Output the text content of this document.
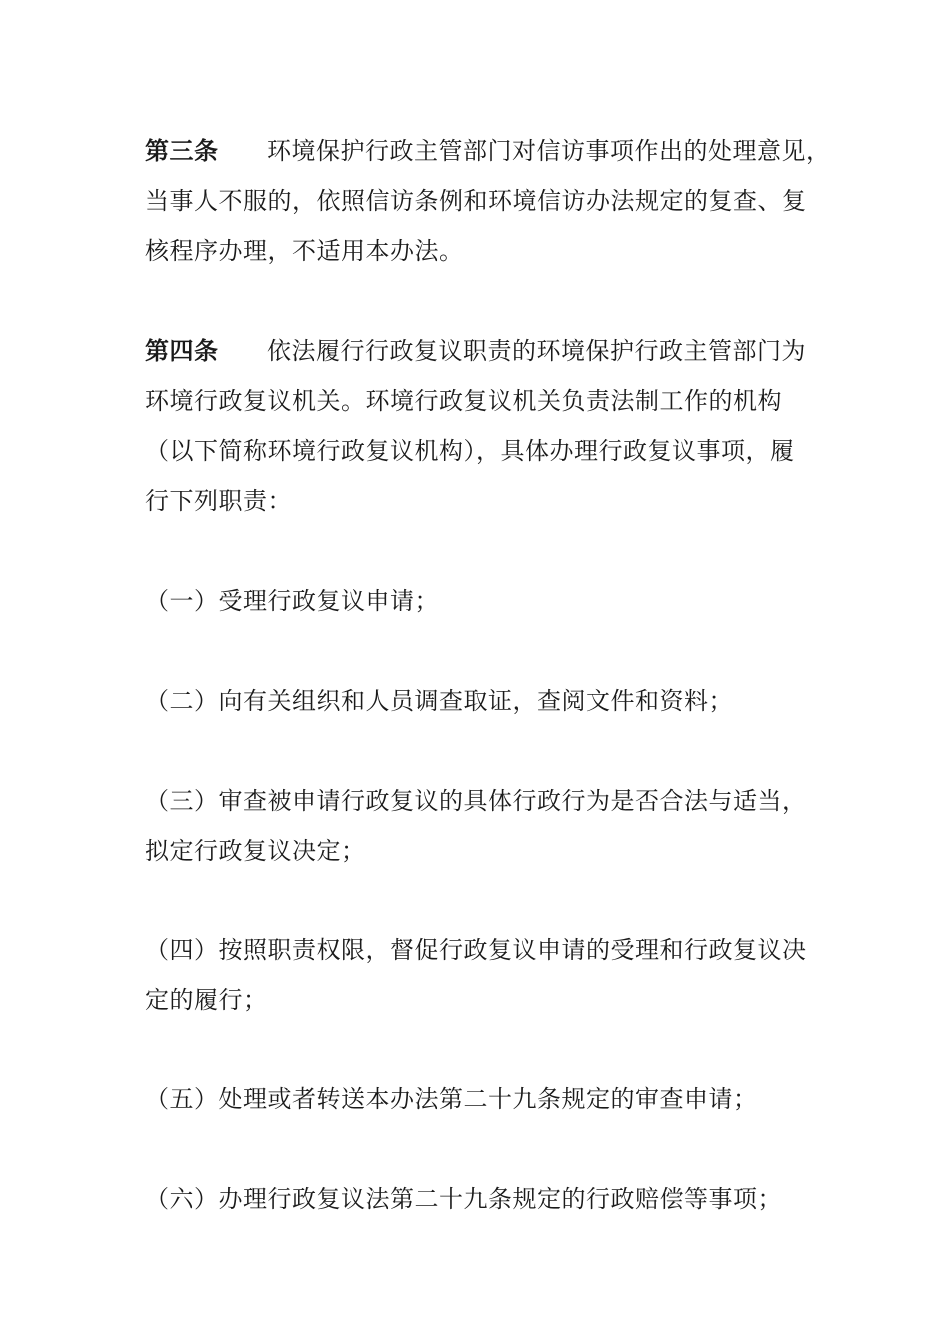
第三条 环境保护行政主管部门对信访事项作出的处理意见，
当事人不服的，依照信访条例和环境信访办法规定的复查、复
核程序办理，不适用本办法。
第四条 依法履行行政复议职责的环境保护行政主管部门为
环境行政复议机关。环境行政复议机关负责法制工作的机构
（以下简称环境行政复议机构），具体办理行政复议事项，履
行下列职责：
（一）受理行政复议申请；
（二）向有关组织和人员调查取证，查阅文件和资料；
（三）审查被申请行政复议的具体行政行为是否合法与适当，
拟定行政复议决定；
（四）按照职责权限，督促行政复议申请的受理和行政复议决
定的履行；
（五）处理或者转送本办法第二十九条规定的审查申请；
（六）办理行政复议法第二十九条规定的行政赔偿等事项；
